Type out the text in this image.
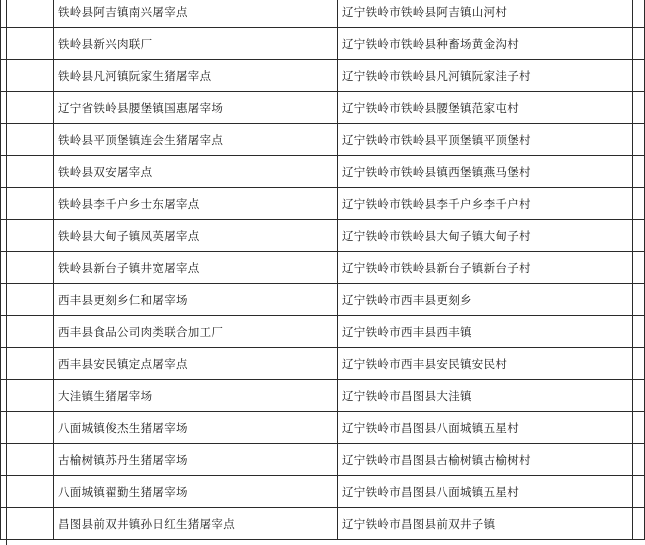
	铁岭县阿吉镇南兴屠宰点	辽宁铁岭市铁岭县阿吉镇山河村	
	铁岭县新兴肉联厂	辽宁铁岭市铁岭县种畜场黄金沟村	
	铁岭县凡河镇阮家生猪屠宰点	辽宁铁岭市铁岭县凡河镇阮家洼子村	
	辽宁省铁岭县腰堡镇国惠屠宰场	辽宁铁岭市铁岭县腰堡镇范家屯村	
	铁岭县平顶堡镇连会生猪屠宰点	辽宁铁岭市铁岭县平顶堡镇平顶堡村	
	铁岭县双安屠宰点	辽宁铁岭市铁岭县镇西堡镇燕马堡村	
	铁岭县李千户乡士东屠宰点	辽宁铁岭市铁岭县李千户乡李千户村	
	铁岭县大甸子镇凤英屠宰点	辽宁铁岭市铁岭县大甸子镇大甸子村	
	铁岭县新台子镇井宽屠宰点	辽宁铁岭市铁岭县新台子镇新台子村	
	西丰县更刻乡仁和屠宰场	辽宁铁岭市西丰县更刻乡	
	西丰县食品公司肉类联合加工厂	辽宁铁岭市西丰县西丰镇	
	西丰县安民镇定点屠宰点	辽宁铁岭市西丰县安民镇安民村	
	大洼镇生猪屠宰场	辽宁铁岭市昌图县大洼镇	
	八面城镇俊杰生猪屠宰场	辽宁铁岭市昌图县八面城镇五星村	
	古榆树镇苏丹生猪屠宰场	辽宁铁岭市昌图县古榆树镇古榆树村	
	八面城镇翟勤生猪屠宰场	辽宁铁岭市昌图县八面城镇五星村	
	昌图县前双井镇孙日红生猪屠宰点	辽宁铁岭市昌图县前双井子镇	
